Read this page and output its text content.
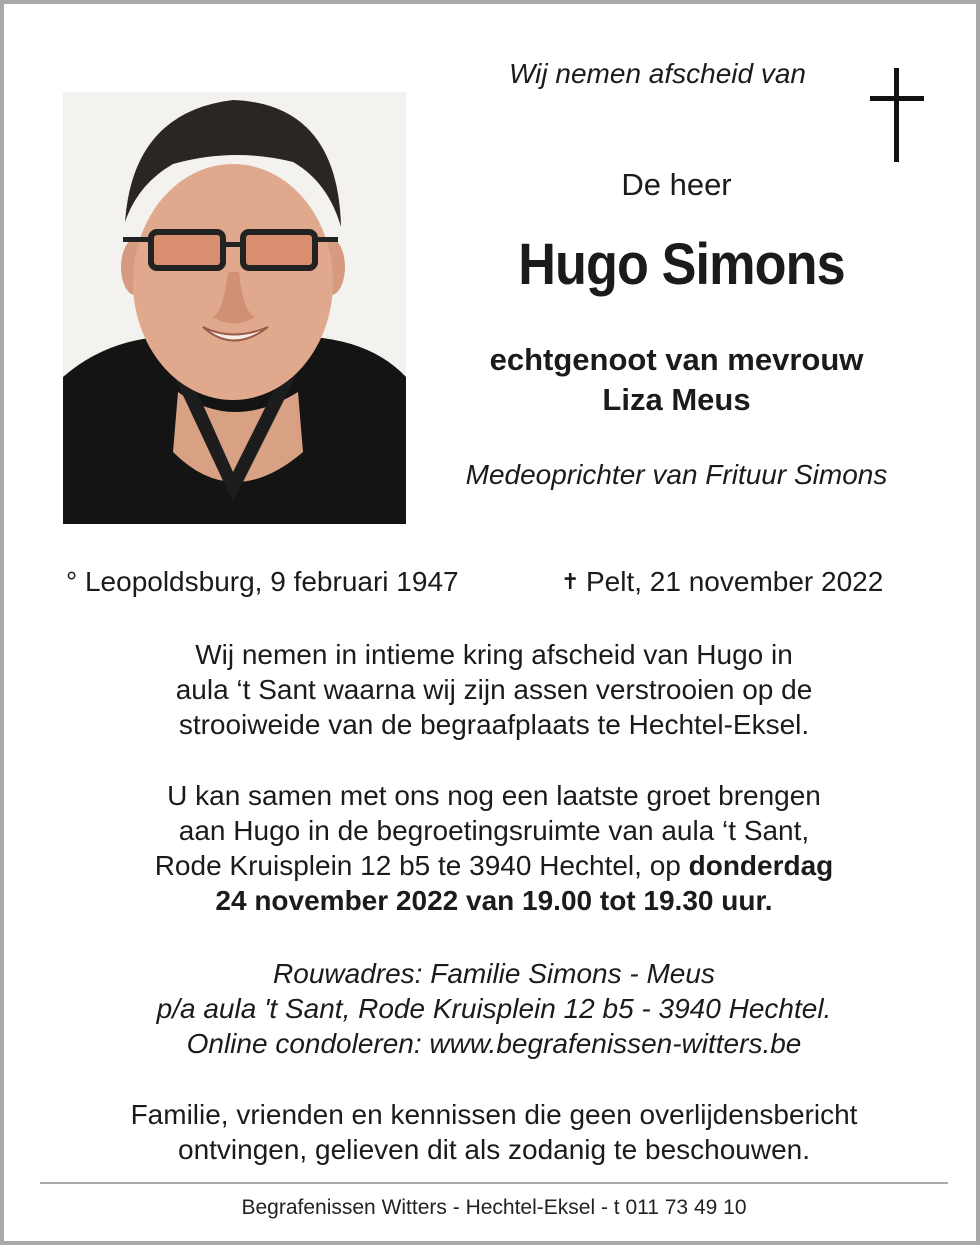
Wij nemen afscheid van
De heer
Hugo Simons
echtgenoot van mevrouw
Liza Meus
Medeoprichter van Frituur Simons
° Leopoldsburg, 9 februari 1947	✝ Pelt, 21 november 2022
Wij nemen in intieme kring afscheid van Hugo in
aula ‘t Sant waarna wij zijn assen verstrooien op de
strooiweide van de begraafplaats te Hechtel-Eksel.
U kan samen met ons nog een laatste groet brengen
aan Hugo in de begroetingsruimte van aula ‘t Sant,
Rode Kruisplein 12 b5 te 3940 Hechtel, op donderdag
24 november 2022 van 19.00 tot 19.30 uur.
Rouwadres: Familie Simons - Meus
p/a aula 't Sant, Rode Kruisplein 12 b5 - 3940 Hechtel.
Online condoleren: www.begrafenissen-witters.be
Familie, vrienden en kennissen die geen overlijdensbericht
ontvingen, gelieven dit als zodanig te beschouwen.
Begrafenissen Witters - Hechtel-Eksel - t 011 73 49 10
